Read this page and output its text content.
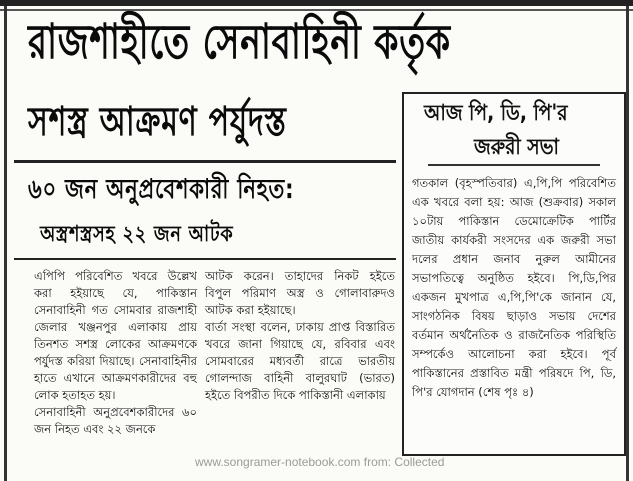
রাজশাহীতে সেনাবাহিনী কর্তৃক
সশস্ত্র আক্রমণ পর্যুদস্ত
৬০ জন অনুপ্রবেশকারী নিহত:
অস্ত্রশস্ত্রসহ ২২ জন আটক
এপিপি পরিবেশিত খবরে উল্লেখ করা হইয়াছে যে, পাকিস্তান সেনাবাহিনী গত সোমবার রাজশাহী জেলার খঞ্জনপুর এলাকায় প্রায় তিনশত সশস্ত্র লোকের আক্রমণকে পর্যুদস্ত করিয়া দিয়াছে। সেনাবাহিনীর হাতে এখানে আক্রমণকারীদের বহু লোক হতাহত হয়।
সেনাবাহিনী অনুপ্রবেশকারীদের ৬০ জন নিহত এবং ২২ জনকে
আটক করেন। তাহাদের নিকট হইতে বিপুল পরিমাণ অস্ত্র ও গোলাবারুদও আটক করা হইয়াছে।
বার্তা সংস্থা বলেন, ঢাকায় প্রাপ্ত বিস্তারিত খবরে জানা গিয়াছে যে, রবিবার এবং সোমবারের মধ্যবর্তী রাত্রে ভারতীয় গোলন্দাজ বাহিনী বালুরঘাট (ভারত) হইতে বিপরীত দিকে পাকিস্তানী এলাকায়
আজ পি, ডি, পি'র
জরুরী সভা
গতকাল (বৃহস্পতিবার) এ,পি,পি পরিবেশিত এক খবরে বলা হয়: আজ (শুক্রবার) সকাল ১০টায় পাকিস্তান ডেমোক্রেটিক পার্টির জাতীয় কার্যকরী সংসদের এক জরুরী সভা দলের প্রধান জনাব নুরুল আমীনের সভাপতিত্বে অনুষ্ঠিত হইবে। পি,ডি,পির একজন মুখপাত্র এ,পি,পি'কে জানান যে, সাংগঠনিক বিষয় ছাড়াও সভায় দেশের বর্তমান অর্থনৈতিক ও রাজনৈতিক পরিস্থিতি সম্পর্কেও আলোচনা করা হইবে। পূর্ব পাকিস্তানের প্রস্তাবিত মন্ত্রী পরিষদে পি, ডি, পি'র যোগদান (শেষ পৃঃ ৪)
www.songramer-notebook.com from: Collected
